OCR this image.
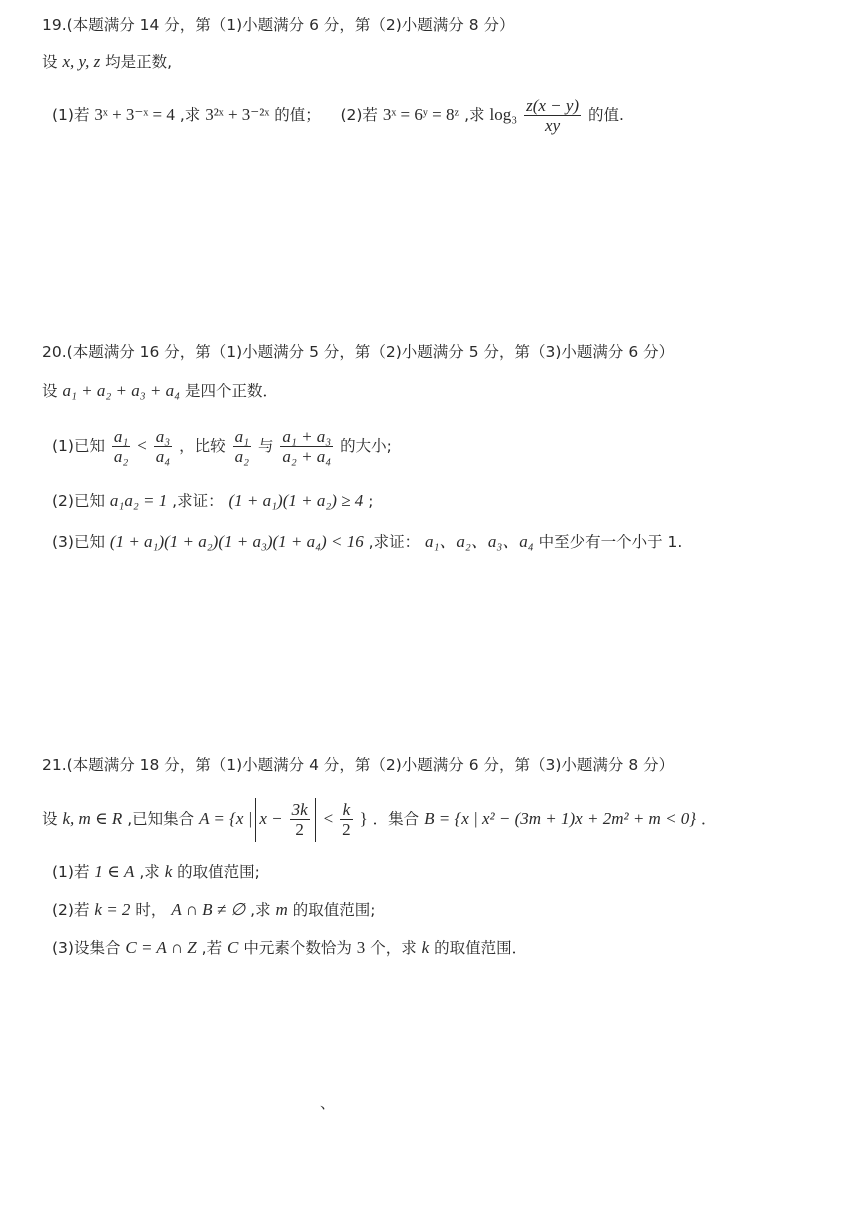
19.(本题满分 14 分，第（1)小题满分 6 分，第（2)小题满分 8 分）
设 x, y, z 均是正数,
(1)若 3ˣ + 3⁻ˣ = 4 ,求 3²ˣ + 3⁻²ˣ 的值； (2)若 3ˣ = 6ʸ = 8ᶻ ,求 $\log_3 \frac{z(x - y)}{xy}$ 的值.
20.(本题满分 16 分，第（1)小题满分 5 分，第（2)小题满分 5 分，第（3)小题满分 6 分）
设 a₁ + a₂ + a₃ + a₄ 是四个正数．
(1)已知 $\frac{\text{a₁}}{\text{a₂}} < \frac{\text{a₃}}{\text{a₄}}$ ，比较 $\frac{\text{a₁}}{\text{a₂}}$ 与 $\frac{\text{a₁ + a₃}}{\text{a₂ + a₄}}$ 的大小;
(2)已知 a₁a₂ = 1 ,求证： (1 + a₁)(1 + a₂) ≥ 4 ;
(3)已知 (1 + a₁)(1 + a₂)(1 + a₃)(1 + a₄) < 16 ,求证： a₁、a₂、a₃、a₄ 中至少有一个小于 1.
21.(本题满分 18 分，第（1)小题满分 4 分，第（2)小题满分 6 分，第（3)小题满分 8 分）
设 k, m ∈ R ,已知集合 A = {x | $x - \frac{3k}{2} < \frac{k}{2}$ } ．集合 B = {x | x² − (3m + 1)x + 2m² + m < 0} ．
(1)若 1 ∈ A ,求 k 的取值范围;
(2)若 k = 2 时， A ∩ B ≠ ∅ ,求 m 的取值范围;
(3)设集合 C = A ∩ Z ,若 C 中元素个数恰为 3 个，求 k 的取值范围．
、
